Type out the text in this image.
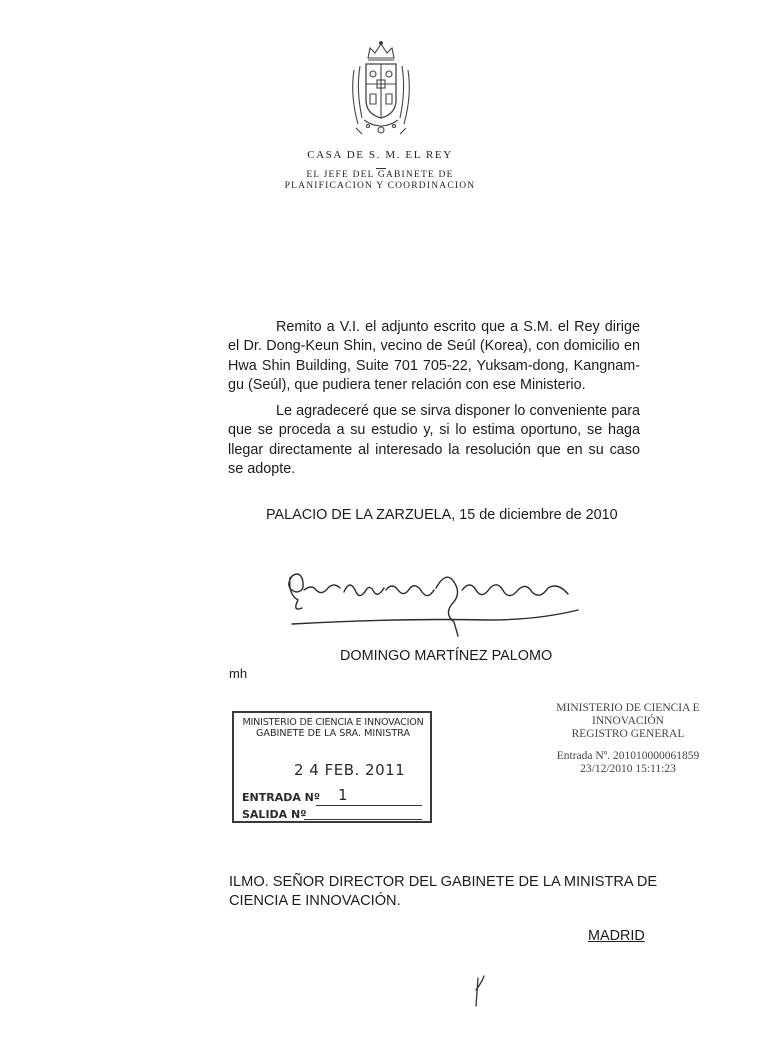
CASA DE S. M. EL REY
EL JEFE DEL GABINETE DE
PLANIFICACION Y COORDINACION
Remito a V.I. el adjunto escrito que a S.M. el Rey dirige el Dr. Dong-Keun Shin, vecino de Seúl (Korea), con domicilio en Hwa Shin Building, Suite 701 705-22, Yuksam-dong, Kangnam-gu (Seúl), que pudiera tener relación con ese Ministerio.
Le agradeceré que se sirva disponer lo conveniente para que se proceda a su estudio y, si lo estima oportuno, se haga llegar directamente al interesado la resolución que en su caso se adopte.
PALACIO DE LA ZARZUELA, 15 de diciembre de 2010
DOMINGO MARTÍNEZ PALOMO
mh
MINISTERIO DE CIENCIA E
INNOVACIÓN
REGISTRO GENERAL
Entrada Nº. 201010000061859
23/12/2010 15:11:23
MINISTERIO DE CIENCIA E INNOVACION
GABINETE DE LA SRA. MINISTRA
2 4 FEB. 2011
ENTRADA Nº 1
SALIDA Nº
ILMO. SEÑOR DIRECTOR DEL GABINETE DE LA MINISTRA DE
CIENCIA E INNOVACIÓN.
MADRID
